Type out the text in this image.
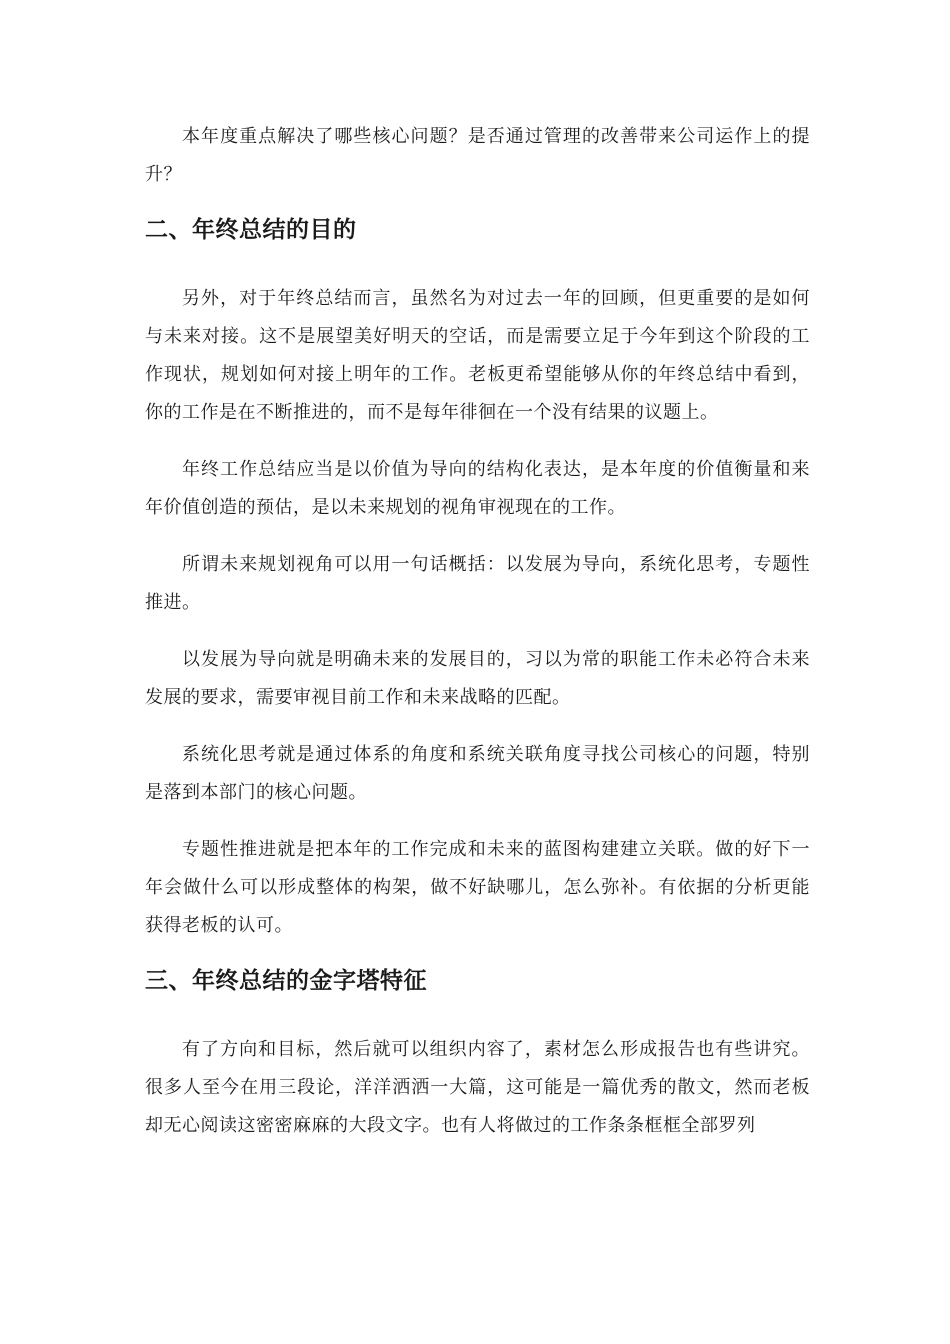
本年度重点解决了哪些核心问题？是否通过管理的改善带来公司运作上的提升？

二、年终总结的目的

另外，对于年终总结而言，虽然名为对过去一年的回顾，但更重要的是如何与未来对接。这不是展望美好明天的空话，而是需要立足于今年到这个阶段的工作现状，规划如何对接上明年的工作。老板更希望能够从你的年终总结中看到，你的工作是在不断推进的，而不是每年徘徊在一个没有结果的议题上。

年终工作总结应当是以价值为导向的结构化表达，是本年度的价值衡量和来年价值创造的预估，是以未来规划的视角审视现在的工作。

所谓未来规划视角可以用一句话概括：以发展为导向，系统化思考，专题性推进。

以发展为导向就是明确未来的发展目的，习以为常的职能工作未必符合未来发展的要求，需要审视目前工作和未来战略的匹配。

系统化思考就是通过体系的角度和系统关联角度寻找公司核心的问题，特别是落到本部门的核心问题。

专题性推进就是把本年的工作完成和未来的蓝图构建建立关联。做的好下一年会做什么可以形成整体的构架，做不好缺哪儿，怎么弥补。有依据的分析更能获得老板的认可。

三、年终总结的金字塔特征

有了方向和目标，然后就可以组织内容了，素材怎么形成报告也有些讲究。很多人至今在用三段论，洋洋洒洒一大篇，这可能是一篇优秀的散文，然而老板却无心阅读这密密麻麻的大段文字。也有人将做过的工作条条框框全部罗列
